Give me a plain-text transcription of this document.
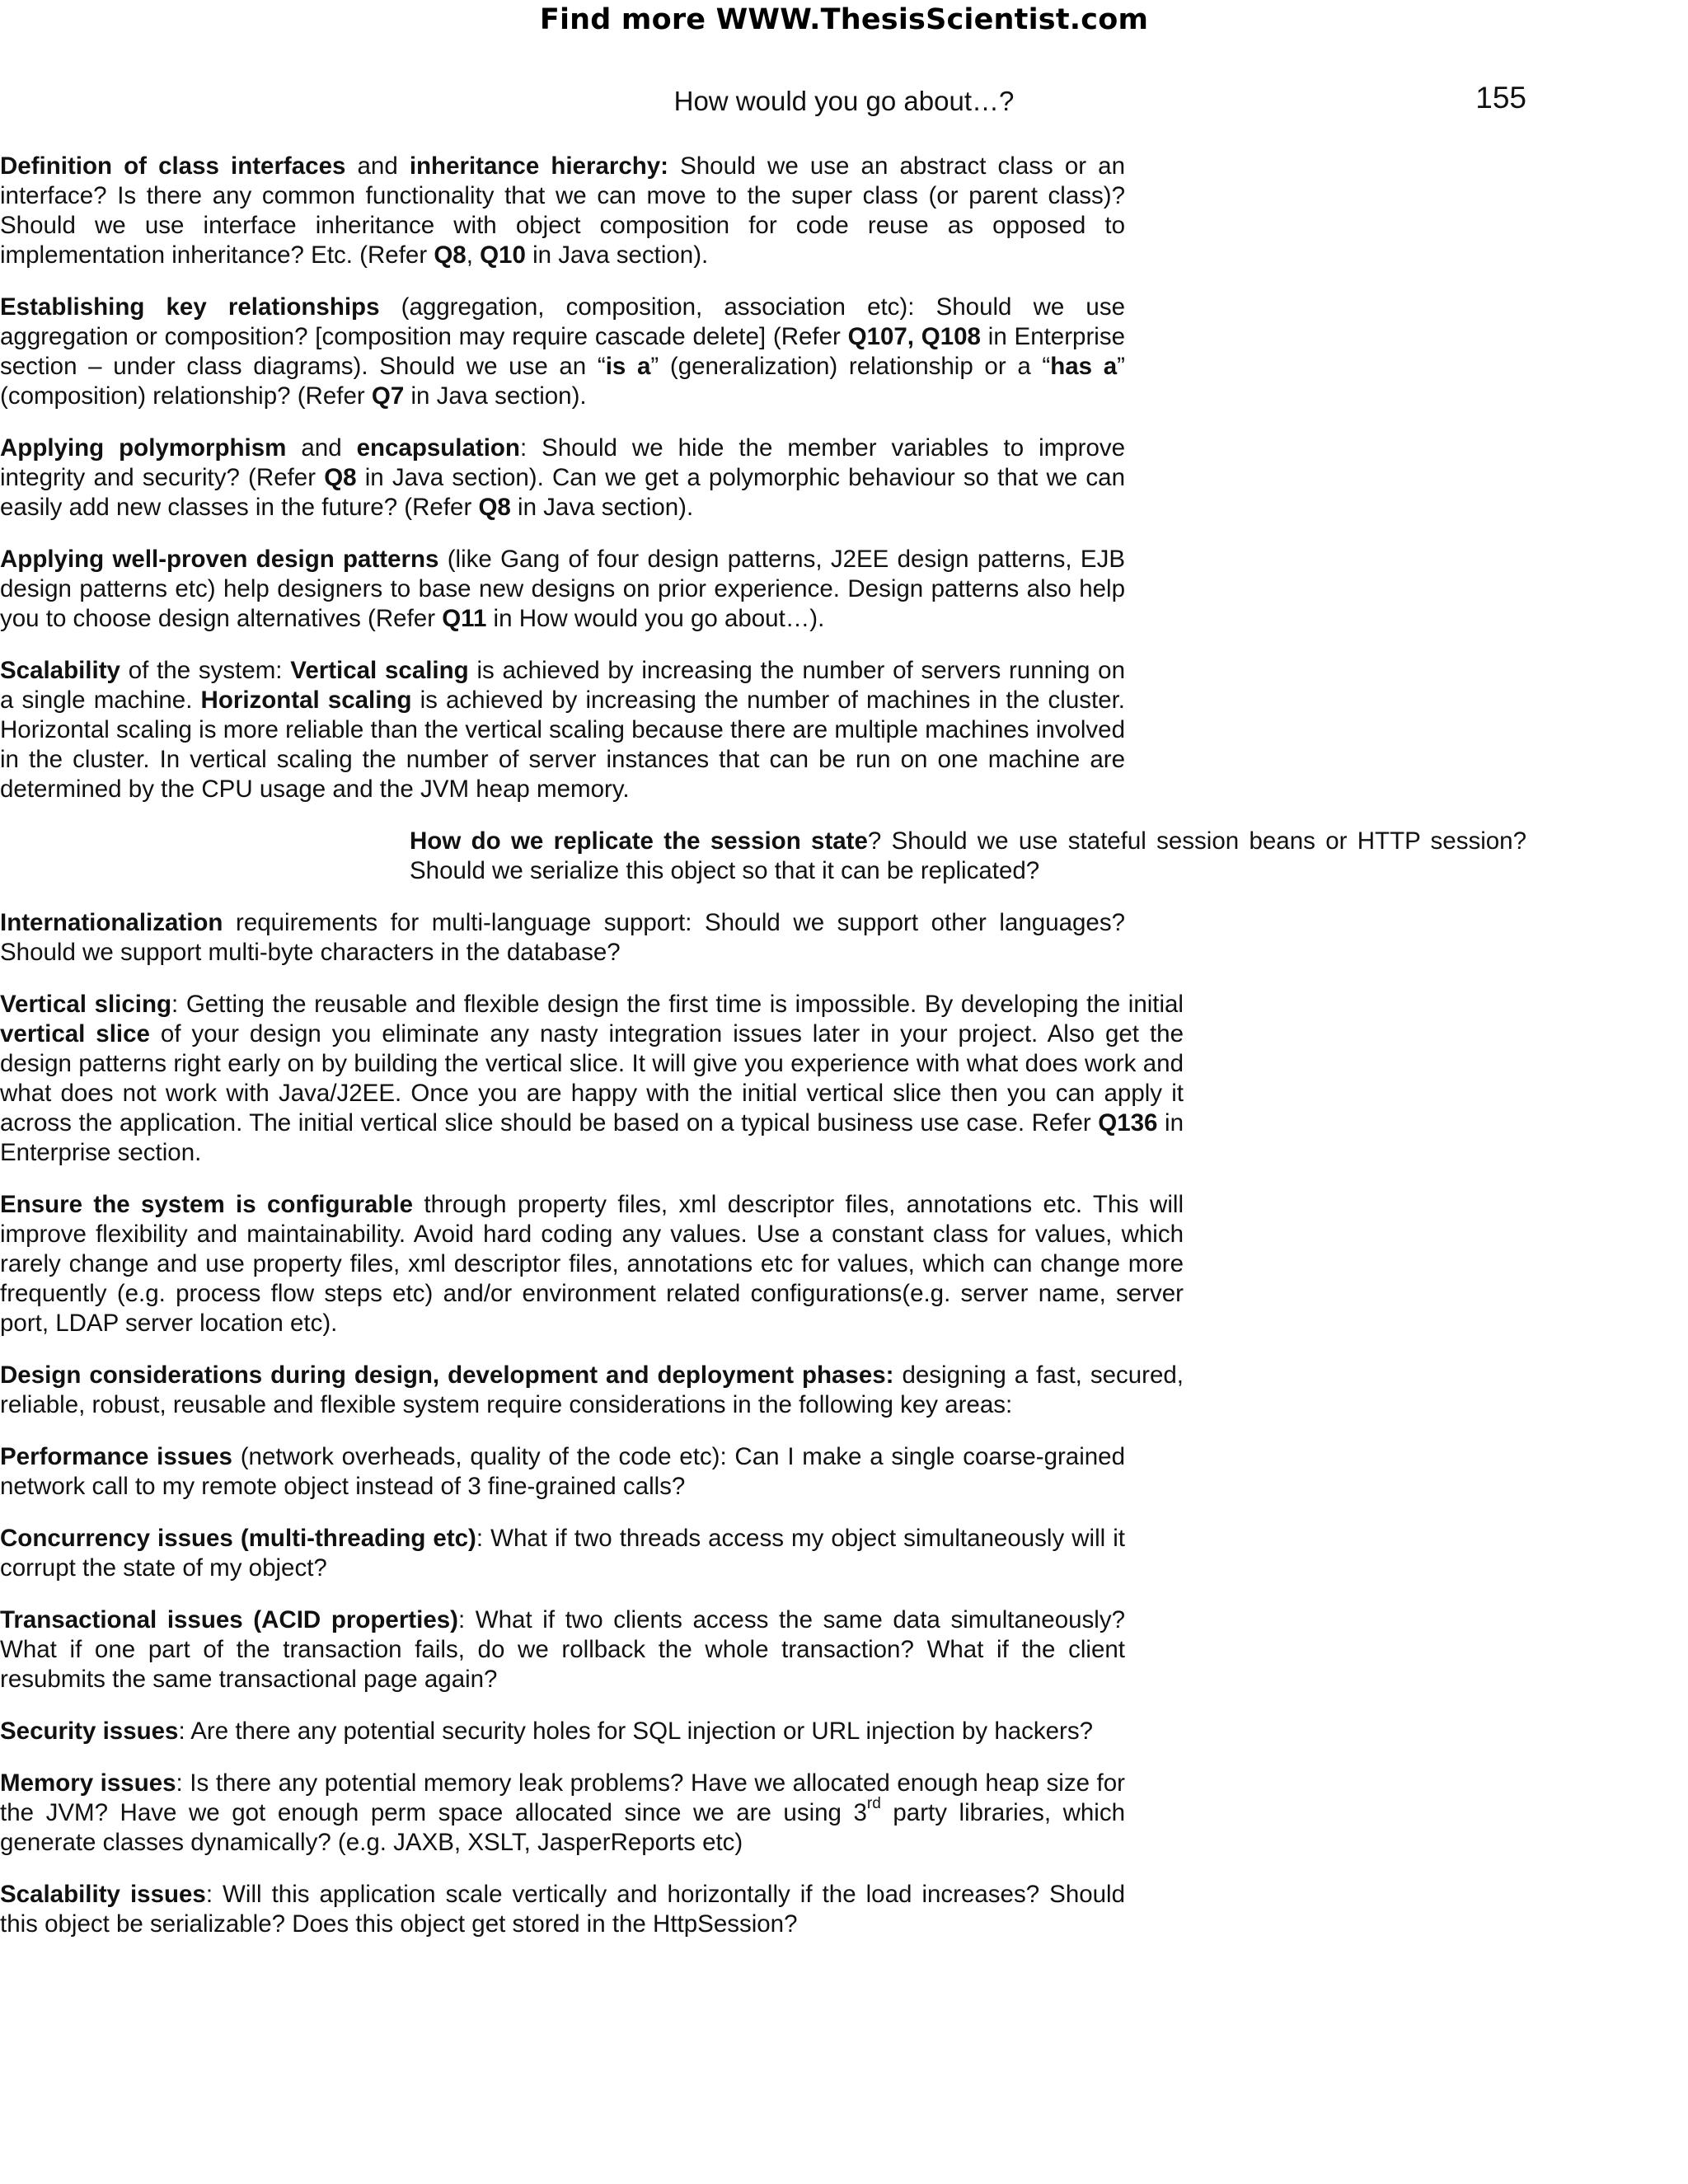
Find more WWW.ThesisScientist.com
How would you go about…?	155

Definition of class interfaces and inheritance hierarchy: Should we use an abstract class or an interface? Is there any common functionality that we can move to the super class (or parent class)? Should we use interface inheritance with object composition for code reuse as opposed to implementation inheritance? Etc. (Refer Q8, Q10 in Java section).

Establishing key relationships (aggregation, composition, association etc): Should we use aggregation or composition? [composition may require cascade delete] (Refer Q107, Q108 in Enterprise section – under class diagrams). Should we use an “is a” (generalization) relationship or a “has a” (composition) relationship? (Refer Q7 in Java section).

Applying polymorphism and encapsulation: Should we hide the member variables to improve integrity and security? (Refer Q8 in Java section). Can we get a polymorphic behaviour so that we can easily add new classes in the future? (Refer Q8 in Java section).

Applying well-proven design patterns (like Gang of four design patterns, J2EE design patterns, EJB design patterns etc) help designers to base new designs on prior experience. Design patterns also help you to choose design alternatives (Refer Q11 in How would you go about…).

Scalability of the system: Vertical scaling is achieved by increasing the number of servers running on a single machine. Horizontal scaling is achieved by increasing the number of machines in the cluster. Horizontal scaling is more reliable than the vertical scaling because there are multiple machines involved in the cluster. In vertical scaling the number of server instances that can be run on one machine are determined by the CPU usage and the JVM heap memory.

How do we replicate the session state? Should we use stateful session beans or HTTP session? Should we serialize this object so that it can be replicated?

Internationalization requirements for multi-language support: Should we support other languages? Should we support multi-byte characters in the database?

Vertical slicing: Getting the reusable and flexible design the first time is impossible. By developing the initial vertical slice of your design you eliminate any nasty integration issues later in your project. Also get the design patterns right early on by building the vertical slice. It will give you experience with what does work and what does not work with Java/J2EE. Once you are happy with the initial vertical slice then you can apply it across the application. The initial vertical slice should be based on a typical business use case. Refer Q136 in Enterprise section.

Ensure the system is configurable through property files, xml descriptor files, annotations etc. This will improve flexibility and maintainability. Avoid hard coding any values. Use a constant class for values, which rarely change and use property files, xml descriptor files, annotations etc for values, which can change more frequently (e.g. process flow steps etc) and/or environment related configurations(e.g. server name, server port, LDAP server location etc).

Design considerations during design, development and deployment phases: designing a fast, secured, reliable, robust, reusable and flexible system require considerations in the following key areas:

Performance issues (network overheads, quality of the code etc): Can I make a single coarse-grained network call to my remote object instead of 3 fine-grained calls?

Concurrency issues (multi-threading etc): What if two threads access my object simultaneously will it corrupt the state of my object?

Transactional issues (ACID properties): What if two clients access the same data simultaneously? What if one part of the transaction fails, do we rollback the whole transaction? What if the client resubmits the same transactional page again?

Security issues: Are there any potential security holes for SQL injection or URL injection by hackers?

Memory issues: Is there any potential memory leak problems? Have we allocated enough heap size for the JVM? Have we got enough perm space allocated since we are using 3rd party libraries, which generate classes dynamically? (e.g. JAXB, XSLT, JasperReports etc)

Scalability issues: Will this application scale vertically and horizontally if the load increases? Should this object be serializable? Does this object get stored in the HttpSession?
